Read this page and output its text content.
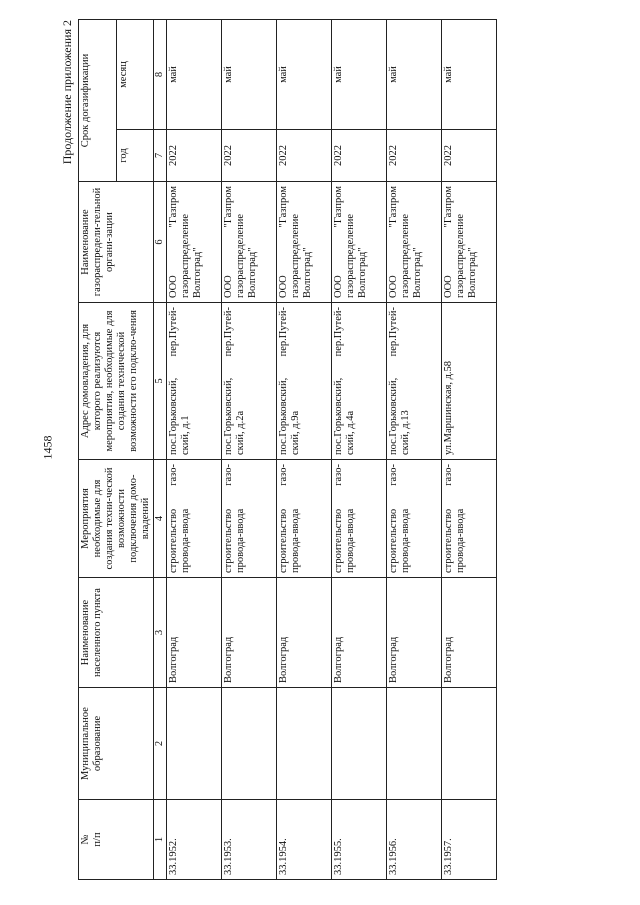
1458
Продолжение приложения 2
№
п/п	Муниципальное образование	Наименование населенного пункта	Мероприятия необходимые для создания техни-ческой возможности подключения домо-владений	Адрес домовладения, для которого реализуются мероприятия, необходимые для создания технической возможности его подклю-чения	Наименование газораспредели-тельной органи-зации	Срок догазификации	
						год	месяц
1	2	3	4	5	6	7	8
33.1952.		Волгоград	строительство газо-провода-ввода	пос.Горьковский, пер.Путей-ский, д.1	ООО "Газпром газораспределение Волгоград"	2022	май
33.1953.		Волгоград	строительство газо-провода-ввода	пос.Горьковский, пер.Путей-ский, д.2а	ООО "Газпром газораспределение Волгоград"	2022	май
33.1954.		Волгоград	строительство газо-провода-ввода	пос.Горьковский, пер.Путей-ский, д.9а	ООО "Газпром газораспределение Волгоград"	2022	май
33.1955.		Волгоград	строительство газо-провода-ввода	пос.Горьковский, пер.Путей-ский, д.4а	ООО "Газпром газораспределение Волгоград"	2022	май
33.1956.		Волгоград	строительство газо-провода-ввода	пос.Горьковский, пер.Путей-ский, д.13	ООО "Газпром газораспределение Волгоград"	2022	май
33.1957.		Волгоград	строительство газо-провода-ввода	ул.Маршинская, д.58	ООО "Газпром газораспределение Волгоград"	2022	май
